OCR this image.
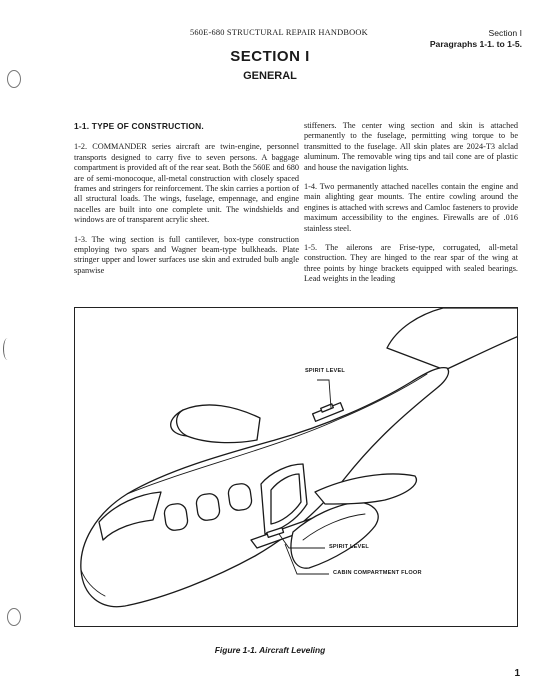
560E-680 STRUCTURAL REPAIR HANDBOOK	Section I
Paragraphs 1-1. to 1-5.
SECTION I
GENERAL
1-1. TYPE OF CONSTRUCTION.

1-2. COMMANDER series aircraft are twin-engine, personnel transports designed to carry five to seven persons. A baggage compartment is provided aft of the rear seat. Both the 560E and 680 are of semi-monocoque, all-metal construction with closely spaced frames and stringers for reinforcement. The skin carries a portion of all structural loads. The wings, fuselage, empennage, and engine nacelles are built into one complete unit. The windshields and windows are of transparent acrylic sheet.

1-3. The wing section is full cantilever, box-type construction employing two spars and Wagner beam-type bulkheads. Plate stringer upper and lower surfaces use skin and extruded bulb angle spanwise

stiffeners. The center wing section and skin is attached permanently to the fuselage, permitting wing torque to be transmitted to the fuselage. All skin plates are 2024-T3 alclad aluminum. The removable wing tips and tail cone are of plastic and house the navigation lights.

1-4. Two permanently attached nacelles contain the engine and main alighting gear mounts. The entire cowling around the engines is attached with screws and Camloc fasteners to provide maximum accessibility to the engines. Firewalls are of .016 stainless steel.

1-5. The ailerons are Frise-type, corrugated, all-metal construction. They are hinged to the rear spar of the wing at three points by hinge brackets equipped with sealed bearings. Lead weights in the leading

SPIRIT LEVEL
SPIRIT LEVEL
CABIN COMPARTMENT FLOOR
Figure 1-1. Aircraft Leveling
1
